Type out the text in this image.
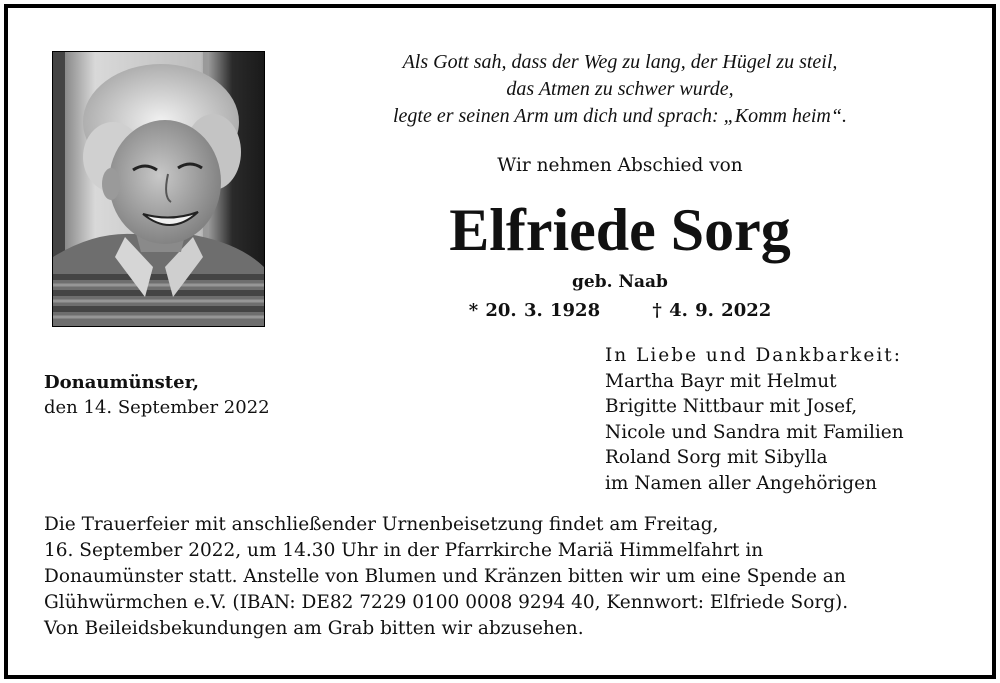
Als Gott sah, dass der Weg zu lang, der Hügel zu steil,
das Atmen zu schwer wurde,
legte er seinen Arm um dich und sprach: „Komm heim“.
Wir nehmen Abschied von
Elfriede Sorg
geb. Naab
* 20. 3. 1928	† 4. 9. 2022
Donaumünster,
den 14. September 2022
In Liebe und Dankbarkeit:
Martha Bayr mit Helmut
Brigitte Nittbaur mit Josef,
Nicole und Sandra mit Familien
Roland Sorg mit Sibylla
im Namen aller Angehörigen
Die Trauerfeier mit anschließender Urnenbeisetzung findet am Freitag,
16. September 2022, um 14.30 Uhr in der Pfarrkirche Mariä Himmelfahrt in
Donaumünster statt. Anstelle von Blumen und Kränzen bitten wir um eine Spende an
Glühwürmchen e.V. (IBAN: DE82 7229 0100 0008 9294 40, Kennwort: Elfriede Sorg).
Von Beileidsbekundungen am Grab bitten wir abzusehen.
